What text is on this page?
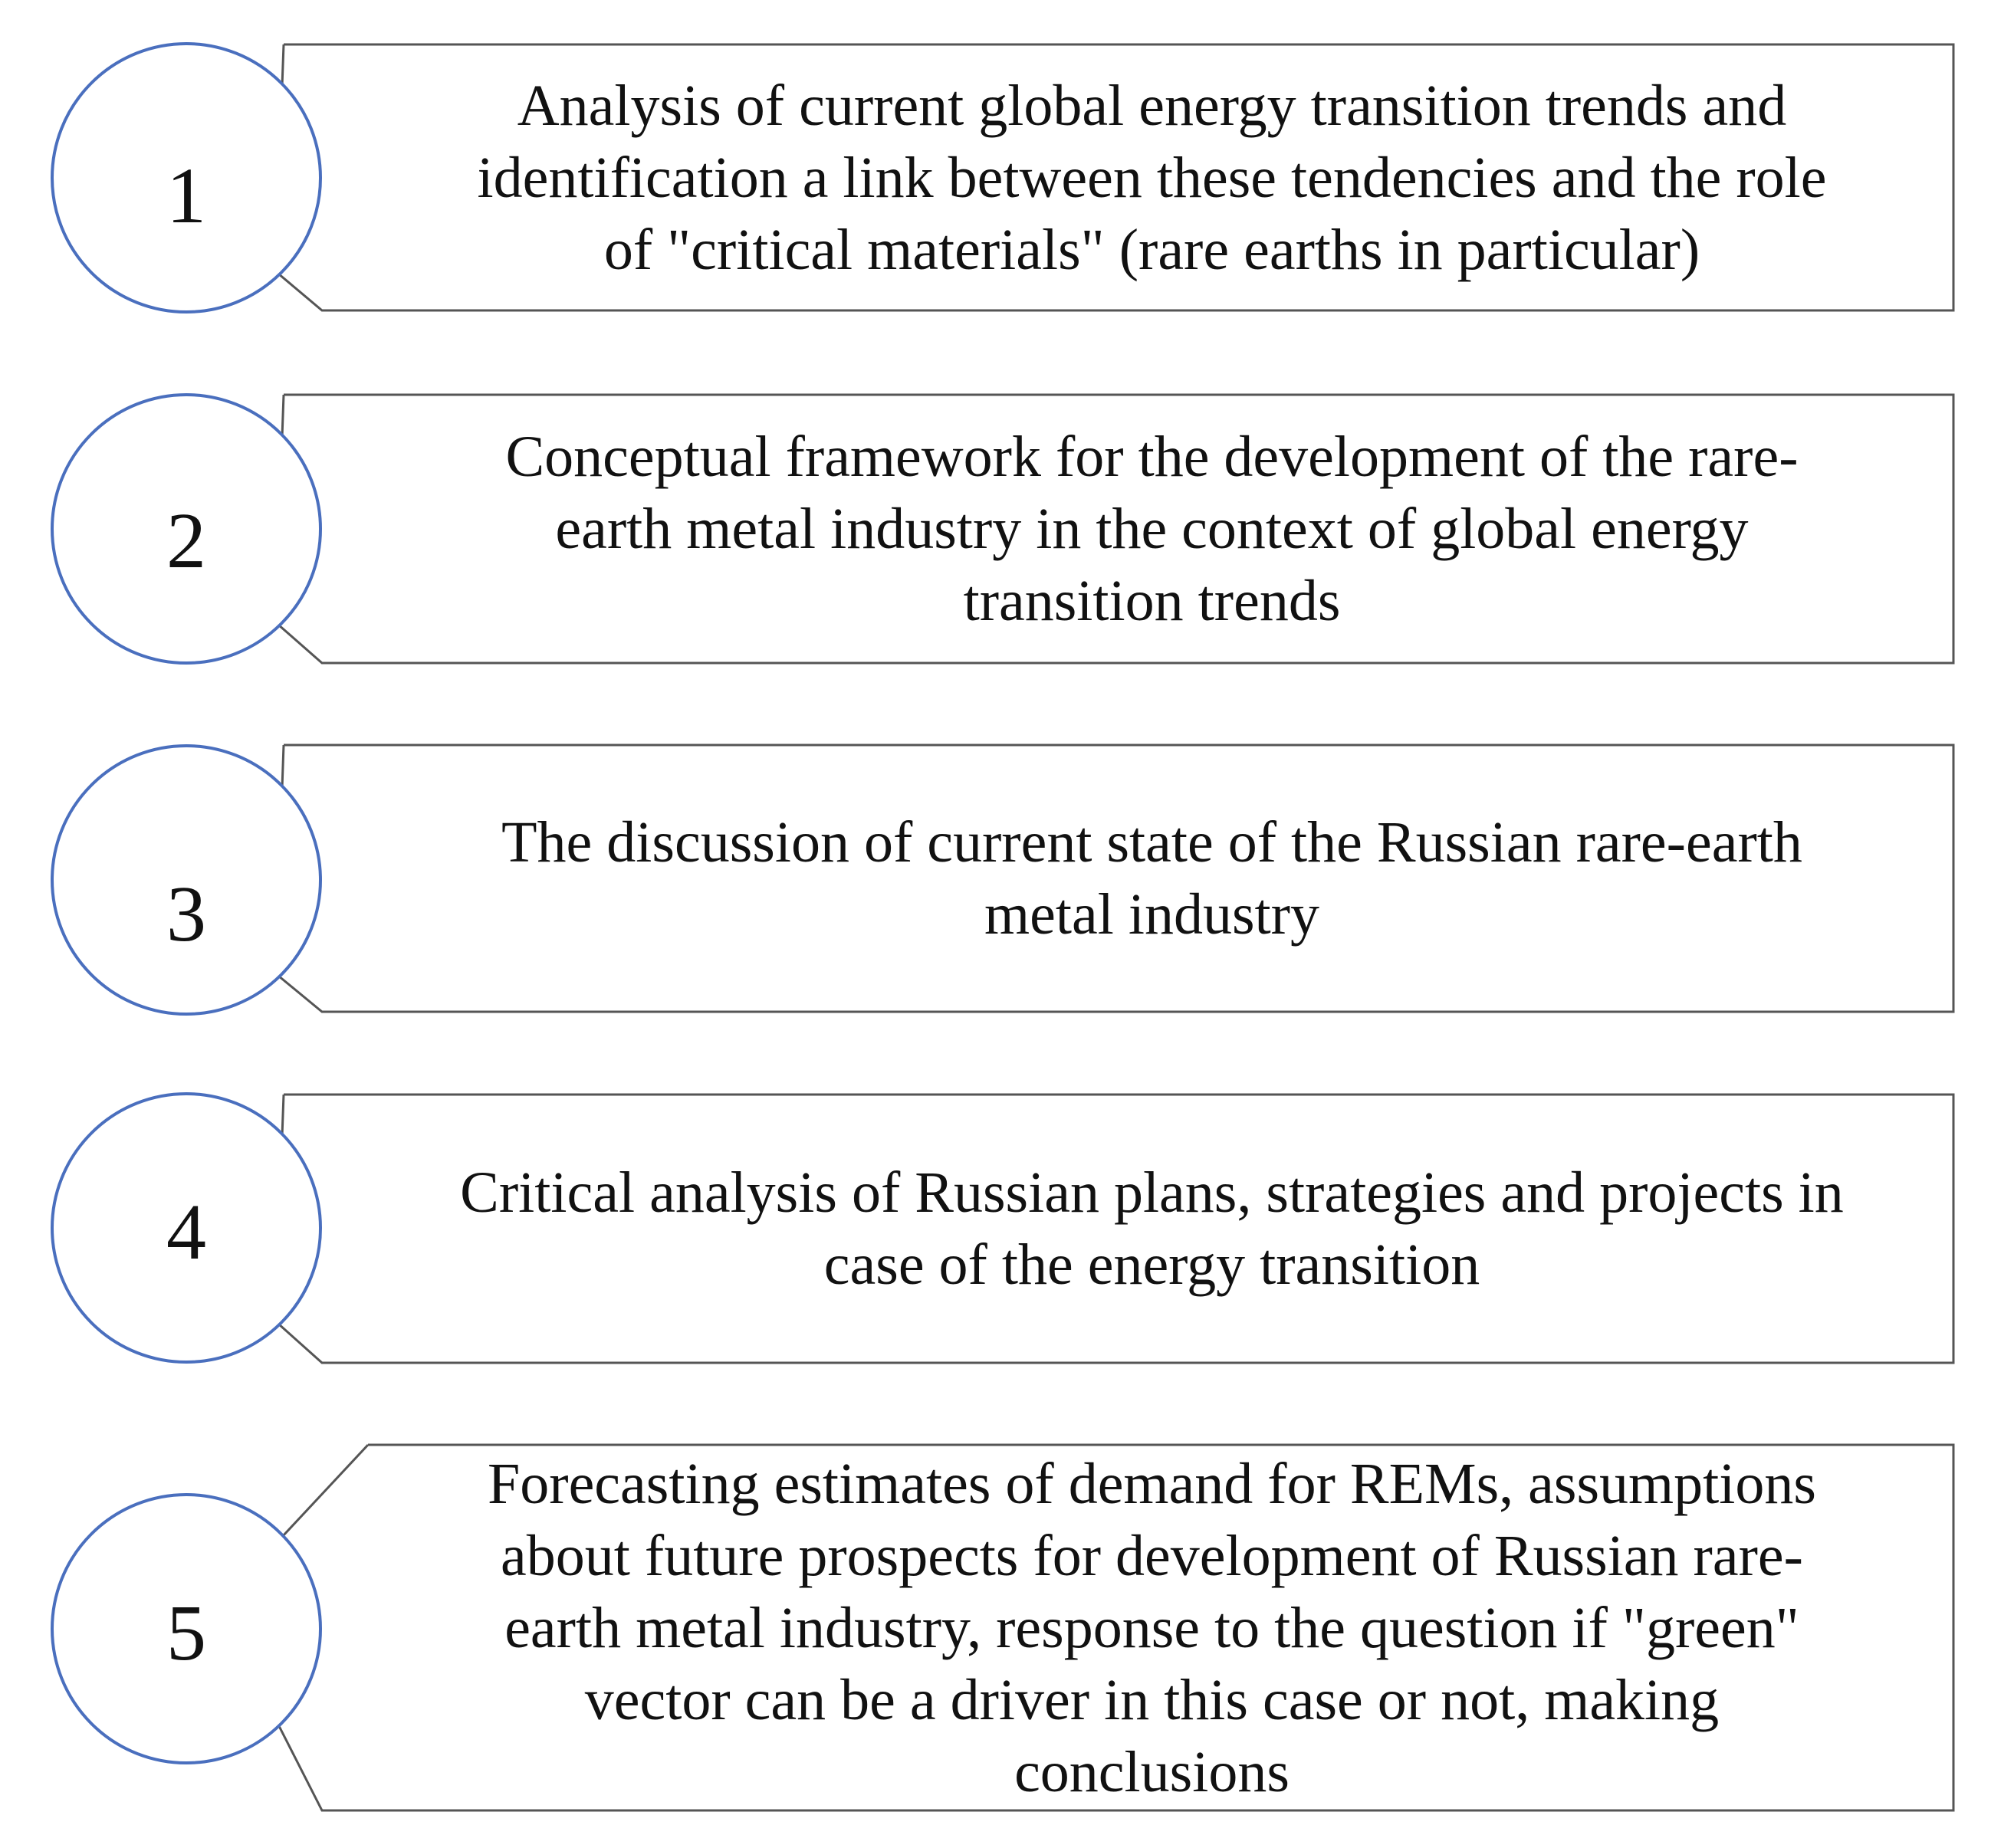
1
Analysis of current global energy transition trends and
identification a link between these tendencies and the role
of "critical materials" (rare earths in particular)
2
Conceptual framework for the development of the rare-
earth metal industry in the context of global energy
transition trends
3
The discussion of current state of the Russian rare-earth
metal industry
4	Critical analysis of Russian plans, strategies and projects in
case of the energy transition
5
Forecasting estimates of demand for REMs, assumptions
about future prospects for development of Russian rare-
earth metal industry, response to the question if "green"
vector can be a driver in this case or not, making
conclusions
